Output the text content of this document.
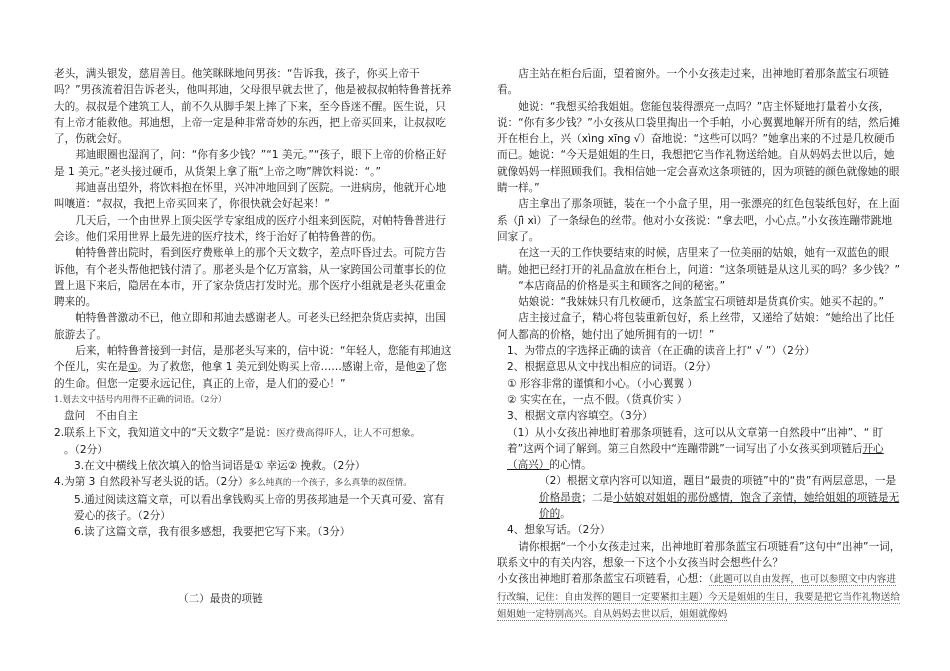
老头，满头银发，慈眉善目。他笑眯眯地问男孩：“告诉我，孩子，你买上帝干吗？”男孩流着泪告诉老头，他叫邦迪，父母很早就去世了，他是被叔叔帕特鲁普抚养大的。叔叔是个建筑工人，前不久从脚手架上摔了下来，至今昏迷不醒。医生说，只有上帝才能救他。邦迪想，上帝一定是种非常奇妙的东西，把上帝买回来，让叔叔吃了，伤就会好。

邦迪眼圈也湿润了，问：“你有多少钱？”“1 美元。”“孩子，眼下上帝的价格正好是 1 美元。”老头接过硬币，从货架上拿了瓶“上帝之吻”牌饮料说：“。”

邦迪喜出望外，将饮料抱在怀里，兴冲冲地回到了医院。一进病房，他就开心地叫嚷道：“叔叔，我把上帝买回来了，你很快就会好起来！”

几天后，一个由世界上顶尖医学专家组成的医疗小组来到医院，对帕特鲁普进行会诊。他们采用世界上最先进的医疗技术，终于治好了帕特鲁普的伤。

帕特鲁普出院时，看到医疗费账单上的那个天文数字，差点吓昏过去。可院方告诉他，有个老头帮他把钱付清了。那老头是个亿万富翁，从一家跨国公司董事长的位置上退下来后，隐居在本市，开了家杂货店打发时光。那个医疗小组就是老头花重金聘来的。

帕特鲁普激动不已，他立即和邦迪去感谢老人。可老头已经把杂货店卖掉，出国旅游去了。

后来，帕特鲁普接到一封信，是那老头写来的，信中说：“年轻人，您能有邦迪这个侄儿，实在是①。为了救您，他拿 1 美元到处购买上帝……感谢上帝，是他②了您的生命。但您一定要永远记住，真正的上帝，是人们的爱心！”

1.划去文中括号内用得不正确的词语。（2分）

盘问　不由自主

2.联系上下文，我知道文中的“天文数字”是说：医疗费高得吓人，让人不可想象。

。（2分）

3.在文中横线上依次填入的恰当词语是① 幸运② 挽救。（2分）

4.为第 3 自然段补写老头说的话。（2分）多么纯真的一个孩子，多么真挚的叔侄情。

5.通过阅读这篇文章，可以看出拿钱购买上帝的男孩邦迪是一个天真可爱、富有爱心的孩子。（2分）

6.读了这篇文章，我有很多感想，我要把它写下来。（3分）

（二）最贵的项链

店主站在柜台后面，望着窗外。一个小女孩走过来，出神地盯着那条蓝宝石项链看。

她说：“我想买给我姐姐。您能包装得漂亮一点吗？”店主怀疑地打量着小女孩，说：“你有多少钱？”小女孩从口袋里掏出一个手帕，小心翼翼地解开所有的结，然后摊开在柜台上，兴（xìng xīng √）奋地说：“这些可以吗？”她拿出来的不过是几枚硬币而已。她说：“今天是姐姐的生日，我想把它当作礼物送给她。自从妈妈去世以后，她就像妈妈一样照顾我们。我相信她一定会喜欢这条项链的，因为项链的颜色就像她的眼睛一样。”

店主拿出了那条项链，装在一个小盒子里，用一张漂亮的红色包装纸包好，在上面系（jì̄ xì）了一条绿色的丝带。他对小女孩说：“拿去吧，小心点。”小女孩连蹦带跳地回家了。

在这一天的工作快要结束的时候，店里来了一位美丽的姑娘，她有一双蓝色的眼睛。她把已经打开的礼品盒放在柜台上，问道：“这条项链是从这儿买的吗？多少钱？”

“本店商品的价格是买主和顾客之间的秘密。”

姑娘说：“我妹妹只有几枚硬币，这条蓝宝石项链却是货真价实。她买不起的。”

店主接过盒子，精心将包装重新包好，系上丝带，又递给了姑娘：“她给出了比任何人都高的价格，她付出了她所拥有的一切！”

1、为带点的字选择正确的读音（在正确的读音上打“ √ ”）（2分）

2、根据意思从文中找出相应的词语。（2分）

① 形容非常的谨慎和小心。（小心翼翼 ）

② 实实在在，一点不假。（货真价实 ）

3、根据文章内容填空。（3分）

（1）从小女孩出神地盯着那条项链看，这可以从文章第一自然段中“出神”、“ 盯着”这两个词了解到。第三自然段中“连蹦带跳”一词写出了小女孩买到项链后开心（高兴）的心情。

（2）根据文章内容可以知道，题目“最贵的项链”中的“贵”有两层意思，一是价格昂贵；二是小姑娘对姐姐的那份感情，饱含了亲情，她给姐姐的项链是无价的。

4、想象写话。（2分）

请你根据“一个小女孩走过来，出神地盯着那条蓝宝石项链看”这句中“出神”一词，联系文中的有关内容，想象一下这个小女孩当时会想些什么？

小女孩出神地盯着那条蓝宝石项链看，心想：（此题可以自由发挥，也可以参照文中内容进行改编，记住：自由发挥的题目一定要紧扣主题）今天是姐姐的生日，我要是把它当作礼物送给姐姐她一定特别高兴。自从妈妈去世以后，姐姐就像妈
